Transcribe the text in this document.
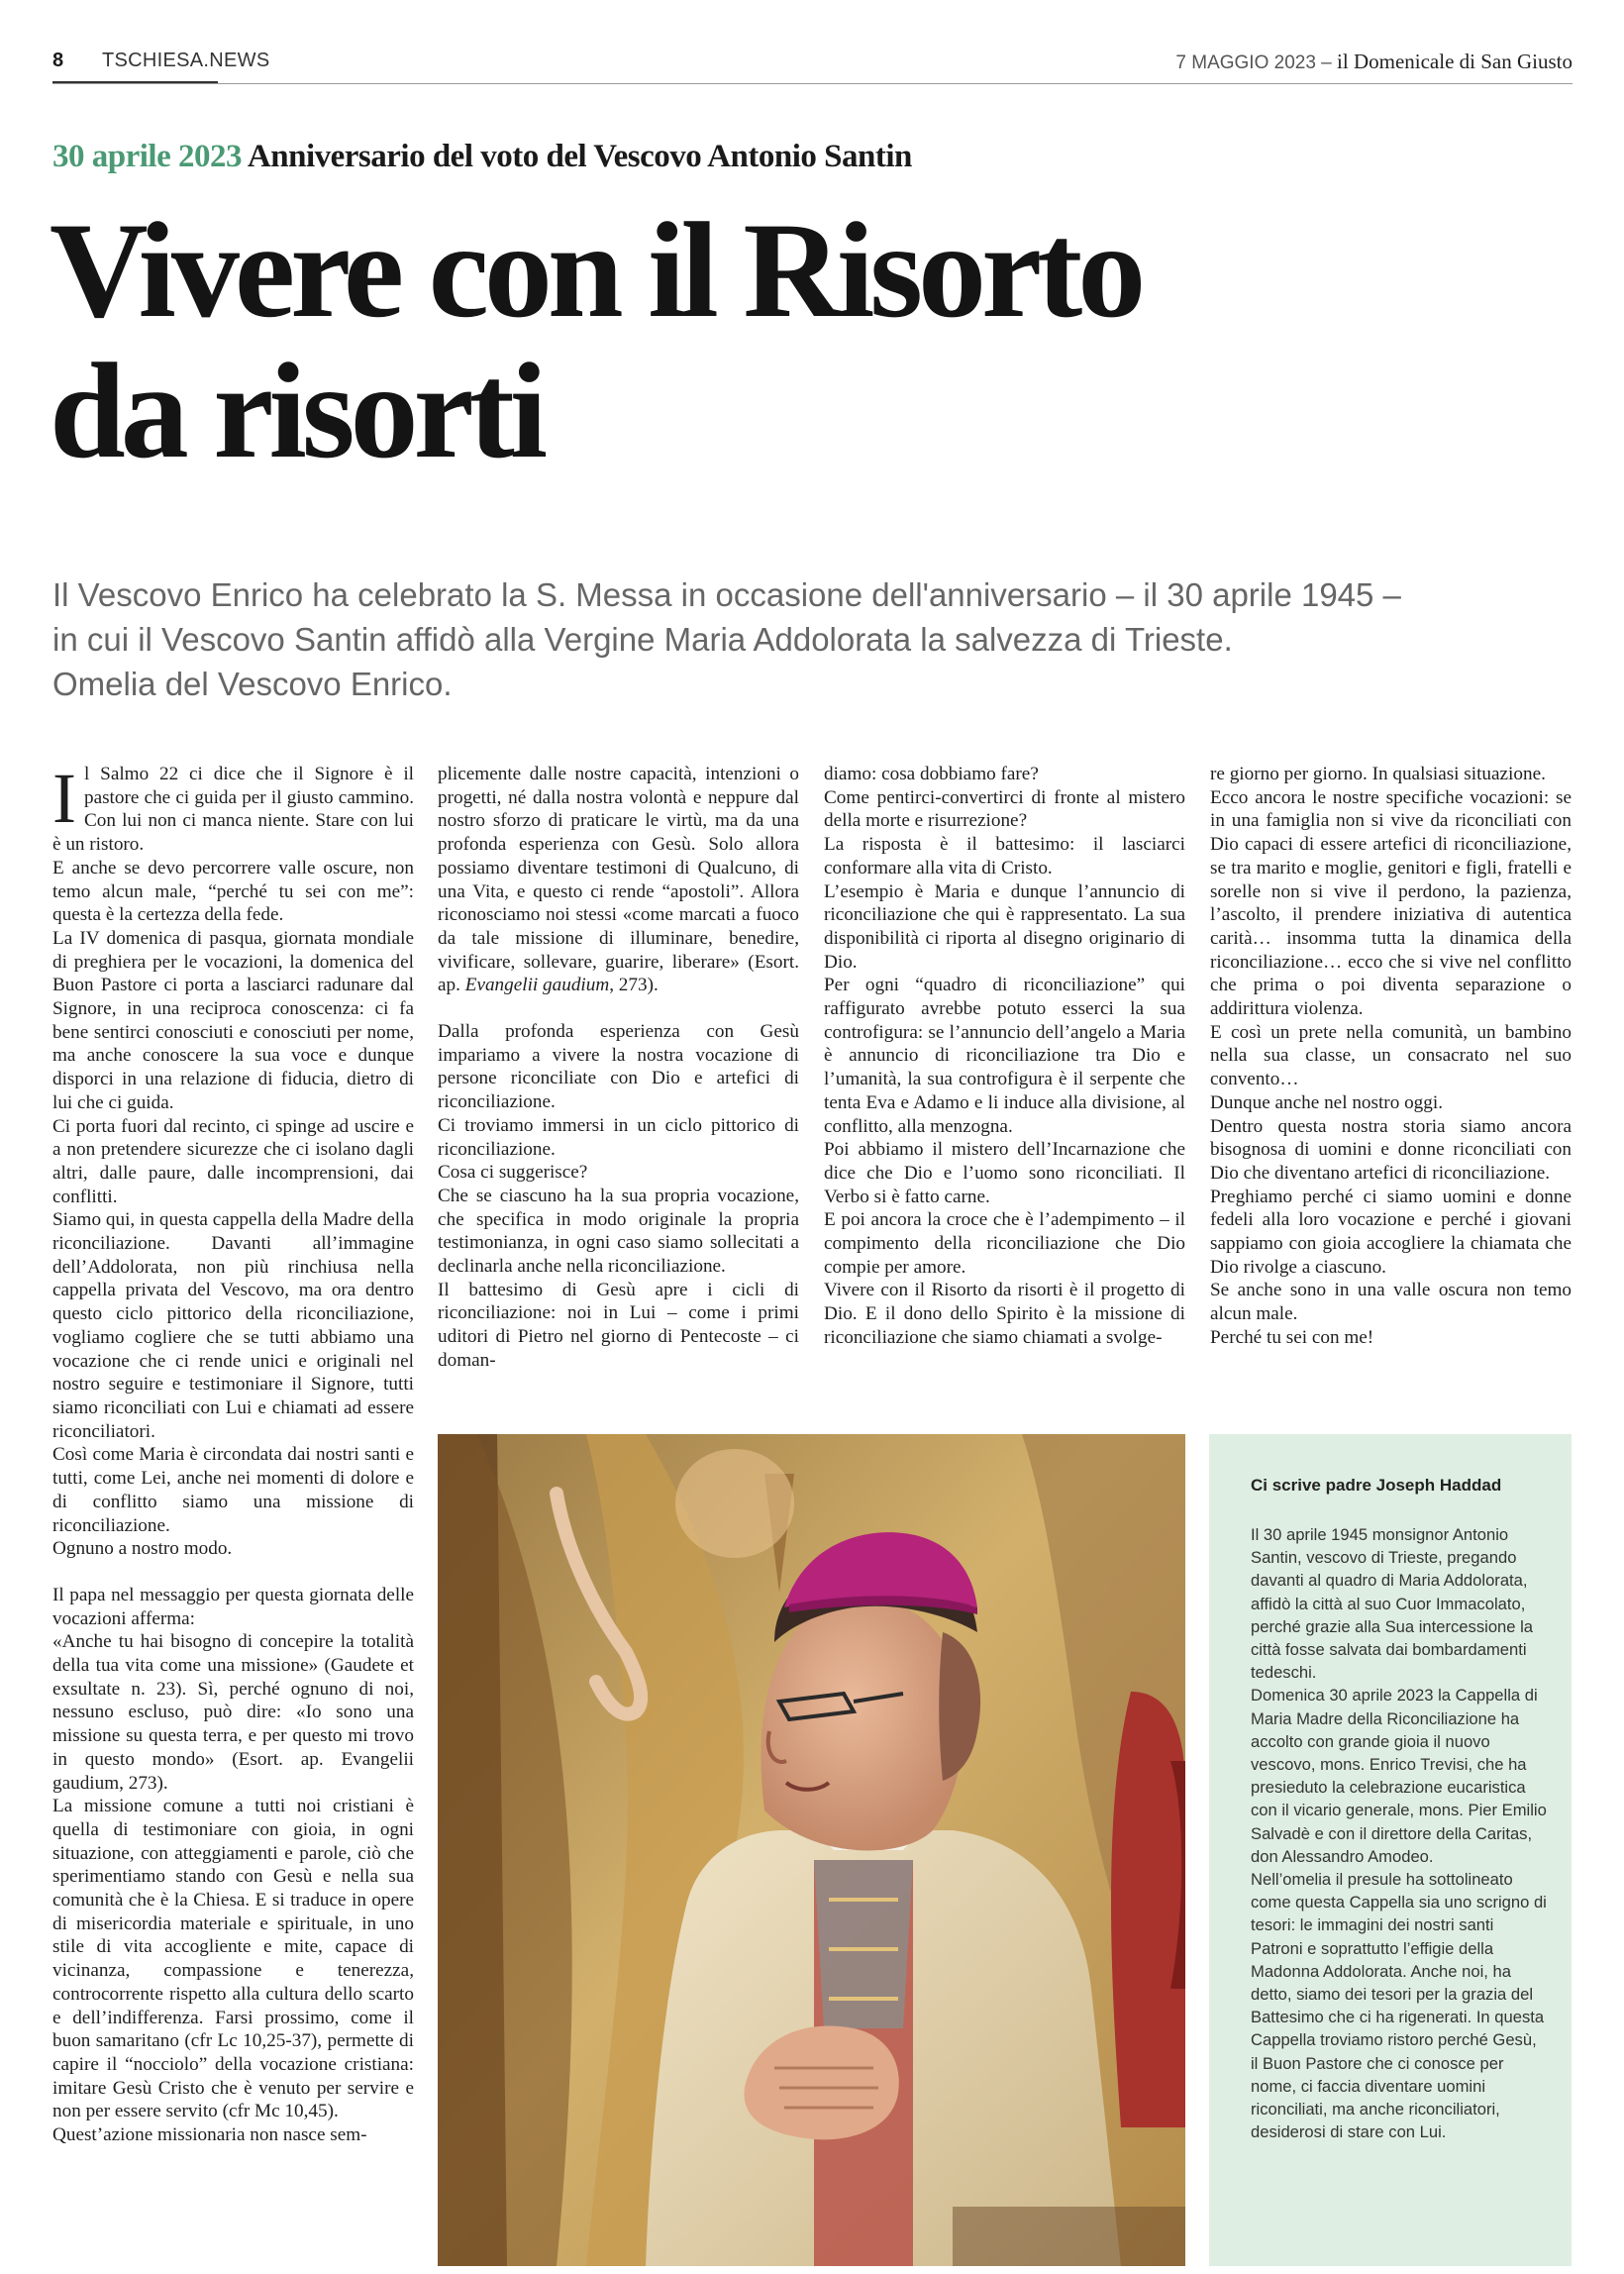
8 TSCHIESA.NEWS	7 MAGGIO 2023 – il Domenicale di San Giusto
30 aprile 2023 Anniversario del voto del Vescovo Antonio Santin
Vivere con il Risorto
da risorti

Il Vescovo Enrico ha celebrato la S. Messa in occasione dell'anniversario – il 30 aprile 1945 –

in cui il Vescovo Santin affidò alla Vergine Maria Addolorata la salvezza di Trieste.

Omelia del Vescovo Enrico.

Il Salmo 22 ci dice che il Signore è il pastore che ci guida per il giusto cammino. Con lui non ci manca niente. Stare con lui è un ristoro.

E anche se devo percorrere valle oscure, non temo alcun male, “perché tu sei con me”: questa è la certezza della fede.

La IV domenica di pasqua, giornata mondiale di preghiera per le vocazioni, la domenica del Buon Pastore ci porta a lasciarci radunare dal Signore, in una reciproca conoscenza: ci fa bene sentirci conosciuti e conosciuti per nome, ma anche conoscere la sua voce e dunque disporci in una relazione di fiducia, dietro di lui che ci guida.

Ci porta fuori dal recinto, ci spinge ad uscire e a non pretendere sicurezze che ci isolano dagli altri, dalle paure, dalle incomprensioni, dai conflitti.

Siamo qui, in questa cappella della Madre della riconciliazione. Davanti all’immagine dell’Addolorata, non più rinchiusa nella cappella privata del Vescovo, ma ora dentro questo ciclo pittorico della riconciliazione, vogliamo cogliere che se tutti abbiamo una vocazione che ci rende unici e originali nel nostro seguire e testimoniare il Signore, tutti siamo riconciliati con Lui e chiamati ad essere riconciliatori.

Così come Maria è circondata dai nostri santi e tutti, come Lei, anche nei momenti di dolore e di conflitto siamo una missione di riconciliazione.

Ognuno a nostro modo.

Il papa nel messaggio per questa giornata delle vocazioni afferma:

«Anche tu hai bisogno di concepire la totalità della tua vita come una missione» (Gaudete et exsultate n. 23). Sì, perché ognuno di noi, nessuno escluso, può dire: «Io sono una missione su questa terra, e per questo mi trovo in questo mondo» (Esort. ap. Evangelii gaudium, 273).

La missione comune a tutti noi cristiani è quella di testimoniare con gioia, in ogni situazione, con atteggiamenti e parole, ciò che sperimentiamo stando con Gesù e nella sua comunità che è la Chiesa. E si traduce in opere di misericordia materiale e spirituale, in uno stile di vita accogliente e mite, capace di vicinanza, compassione e tenerezza, controcorrente rispetto alla cultura dello scarto e dell’indifferenza. Farsi prossimo, come il buon samaritano (cfr Lc 10,25-37), permette di capire il “nocciolo” della vocazione cristiana: imitare Gesù Cristo che è venuto per servire e non per essere servito (cfr Mc 10,45).

Quest’azione missionaria non nasce sem-

plicemente dalle nostre capacità, intenzioni o progetti, né dalla nostra volontà e neppure dal nostro sforzo di praticare le virtù, ma da una profonda esperienza con Gesù. Solo allora possiamo diventare testimoni di Qualcuno, di una Vita, e questo ci rende “apostoli”. Allora riconosciamo noi stessi «come marcati a fuoco da tale missione di illuminare, benedire, vivificare, sollevare, guarire, liberare» (Esort. ap. Evangelii gaudium, 273).

Dalla profonda esperienza con Gesù impariamo a vivere la nostra vocazione di persone riconciliate con Dio e artefici di riconciliazione.

Ci troviamo immersi in un ciclo pittorico di riconciliazione.

Cosa ci suggerisce?

Che se ciascuno ha la sua propria vocazione, che specifica in modo originale la propria testimonianza, in ogni caso siamo sollecitati a declinarla anche nella riconciliazione.

Il battesimo di Gesù apre i cicli di riconciliazione: noi in Lui – come i primi uditori di Pietro nel giorno di Pentecoste – ci doman-

diamo: cosa dobbiamo fare?

Come pentirci-convertirci di fronte al mistero della morte e risurrezione?

La risposta è il battesimo: il lasciarci conformare alla vita di Cristo.

L’esempio è Maria e dunque l’annuncio di riconciliazione che qui è rappresentato. La sua disponibilità ci riporta al disegno originario di Dio.

Per ogni “quadro di riconciliazione” qui raffigurato avrebbe potuto esserci la sua controfigura: se l’annuncio dell’angelo a Maria è annuncio di riconciliazione tra Dio e l’umanità, la sua controfigura è il serpente che tenta Eva e Adamo e li induce alla divisione, al conflitto, alla menzogna.

Poi abbiamo il mistero dell’Incarnazione che dice che Dio e l’uomo sono riconciliati. Il Verbo si è fatto carne.

E poi ancora la croce che è l’adempimento – il compimento della riconciliazione che Dio compie per amore.

Vivere con il Risorto da risorti è il progetto di Dio. E il dono dello Spirito è la missione di riconciliazione che siamo chiamati a svolge-

re giorno per giorno. In qualsiasi situazione.

Ecco ancora le nostre specifiche vocazioni: se in una famiglia non si vive da riconciliati con Dio capaci di essere artefici di riconciliazione, se tra marito e moglie, genitori e figli, fratelli e sorelle non si vive il perdono, la pazienza, l’ascolto, il prendere iniziativa di autentica carità… insomma tutta la dinamica della riconciliazione… ecco che si vive nel conflitto che prima o poi diventa separazione o addirittura violenza.

E così un prete nella comunità, un bambino nella sua classe, un consacrato nel suo convento…

Dunque anche nel nostro oggi.

Dentro questa nostra storia siamo ancora bisognosa di uomini e donne riconciliati con Dio che diventano artefici di riconciliazione.

Preghiamo perché ci siamo uomini e donne fedeli alla loro vocazione e perché i giovani sappiamo con gioia accogliere la chiamata che Dio rivolge a ciascuno.

Se anche sono in una valle oscura non temo alcun male.

Perché tu sei con me!

Ci scrive padre Joseph Haddad

Il 30 aprile 1945 monsignor Antonio Santin, vescovo di Trieste, pregando davanti al quadro di Maria Addolorata, affidò la città al suo Cuor Immacolato, perché grazie alla Sua intercessione la città fosse salvata dai bombardamenti tedeschi.

Domenica 30 aprile 2023 la Cappella di Maria Madre della Riconciliazione ha accolto con grande gioia il nuovo vescovo, mons. Enrico Trevisi, che ha presieduto la celebrazione eucaristica con il vicario generale, mons. Pier Emilio Salvadè e con il direttore della Caritas, don Alessandro Amodeo.

Nell’omelia il presule ha sottolineato come questa Cappella sia uno scrigno di tesori: le immagini dei nostri santi Patroni e soprattutto l’effigie della Madonna Addolorata. Anche noi, ha detto, siamo dei tesori per la grazia del Battesimo che ci ha rigenerati. In questa Cappella troviamo ristoro perché Gesù, il Buon Pastore che ci conosce per nome, ci faccia diventare uomini riconciliati, ma anche riconciliatori, desiderosi di stare con Lui.
